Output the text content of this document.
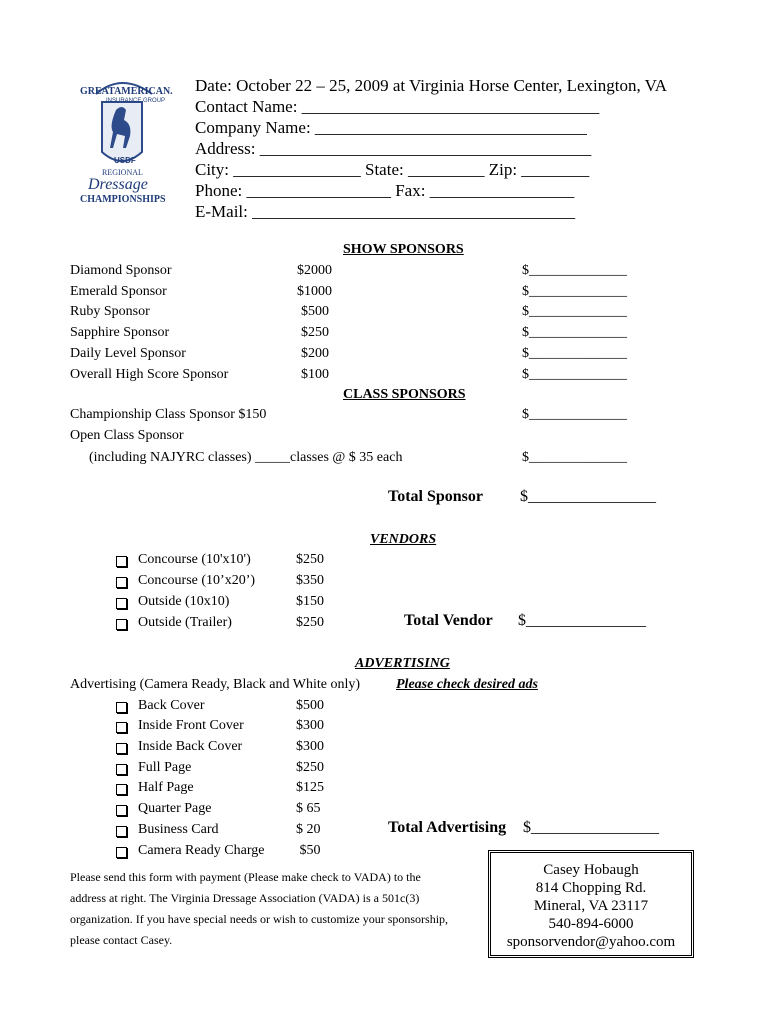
GREATAMERICAN.
INSURANCE GROUP
USDF
REGIONAL
Dressage
CHAMPIONSHIPS
Date: October 22 – 25, 2009 at Virginia Horse Center, Lexington, VA
Contact Name: ___________________________________
Company Name: ________________________________
Address: _______________________________________
City: _______________ State: _________ Zip: ________
Phone: _________________ Fax: _________________
E-Mail: ______________________________________
SHOW SPONSORS
Diamond Sponsor	$2000	$______________
Emerald Sponsor	$1000	$______________
Ruby Sponsor	$500	$______________
Sapphire Sponsor	$250	$______________
Daily Level Sponsor	$200	$______________
Overall High Score Sponsor	$100	$______________
CLASS SPONSORS
Championship Class Sponsor $150	$______________
Open Class Sponsor
(including NAJYRC classes) _____classes @ $ 35 each	$______________
Total Sponsor $________________
VENDORS
Concourse (10'x10')	$250
Concourse (10’x20’)	$350
Outside (10x10)	$150
Outside (Trailer)	$250	Total Vendor $_______________
ADVERTISING
Advertising (Camera Ready, Black and White only)	Please check desired ads
Back Cover	$500
Inside Front Cover	$300
Inside Back Cover	$300
Full Page	$250
Half Page	$125
Quarter Page	$ 65
Business Card	$ 20
Camera Ready Charge $50
Total Advertising $________________
Please send this form with payment (Please make check to VADA) to the address at right. The Virginia Dressage Association (VADA) is a 501c(3) organization. If you have special needs or wish to customize your sponsorship, please contact Casey.
Casey Hobaugh
814 Chopping Rd.
Mineral, VA 23117
540-894-6000
sponsorvendor@yahoo.com
